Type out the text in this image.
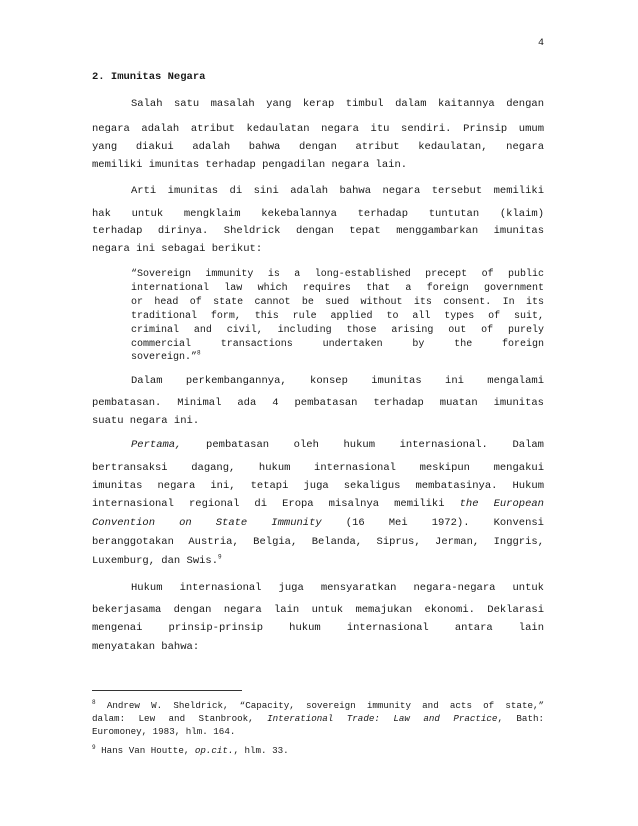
4
2. Imunitas Negara
Salah satu masalah yang kerap timbul dalam kaitannya dengan
negara adalah atribut kedaulatan negara itu sendiri. Prinsip umum
yang diakui adalah bahwa dengan atribut kedaulatan, negara
memiliki imunitas terhadap pengadilan negara lain.
Arti imunitas di sini adalah bahwa negara tersebut memiliki
hak untuk mengklaim kekebalannya terhadap tuntutan (klaim)
terhadap dirinya. Sheldrick dengan tepat menggambarkan imunitas
negara ini sebagai berikut:
“Sovereign immunity is a long-established precept of public
international law which requires that a foreign government
or head of state cannot be sued without its consent. In its
traditional form, this rule applied to all types of suit,
criminal and civil, including those arising out of purely
commercial transactions undertaken by the foreign
sovereign.”$^8$
Dalam perkembangannya, konsep imunitas ini mengalami
pembatasan. Minimal ada 4 pembatasan terhadap muatan imunitas
suatu negara ini.
Pertama, pembatasan oleh hukum internasional. Dalam
bertransaksi dagang, hukum internasional meskipun mengakui
imunitas negara ini, tetapi juga sekaligus membatasinya. Hukum
internasional regional di Eropa misalnya memiliki the European
Convention on State Immunity (16 Mei 1972). Konvensi
beranggotakan Austria, Belgia, Belanda, Siprus, Jerman, Inggris,
Luxemburg, dan Swis.$^9$
Hukum internasional juga mensyaratkan negara-negara untuk
bekerjasama dengan negara lain untuk memajukan ekonomi. Deklarasi
mengenai prinsip-prinsip hukum internasional antara lain
menyatakan bahwa:
$^8$ Andrew W. Sheldrick, “Capacity, sovereign immunity and acts of state,”
dalam: Lew and Stanbrook, Interational Trade: Law and Practice, Bath:
Euromoney, 1983, hlm. 164.
$^9$ Hans Van Houtte, op.cit., hlm. 33.
